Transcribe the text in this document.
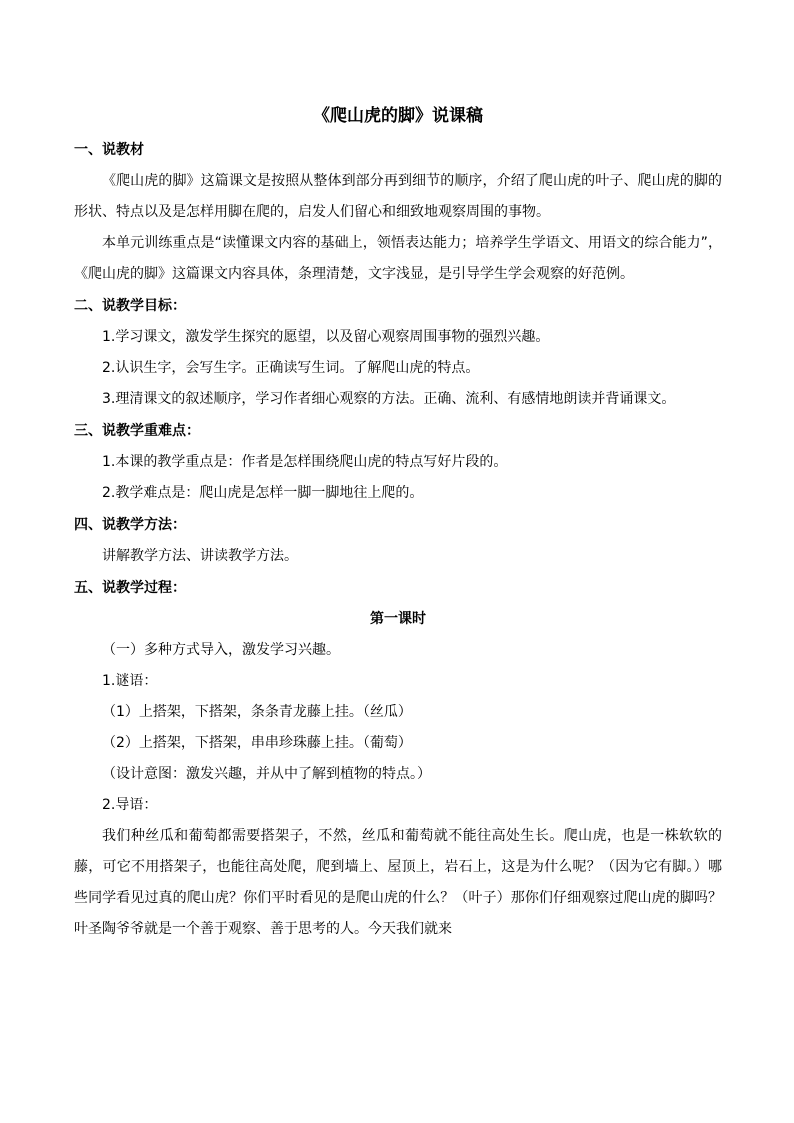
《爬山虎的脚》说课稿

一、说教材

《爬山虎的脚》这篇课文是按照从整体到部分再到细节的顺序，介绍了爬山虎的叶子、爬山虎的脚的形状、特点以及是怎样用脚在爬的，启发人们留心和细致地观察周围的事物。

本单元训练重点是“读懂课文内容的基础上，领悟表达能力；培养学生学语文、用语文的综合能力”，《爬山虎的脚》这篇课文内容具体，条理清楚，文字浅显，是引导学生学会观察的好范例。

二、说教学目标：

1.学习课文，激发学生探究的愿望，以及留心观察周围事物的强烈兴趣。

2.认识生字，会写生字。正确读写生词。了解爬山虎的特点。

3.理清课文的叙述顺序，学习作者细心观察的方法。正确、流利、有感情地朗读并背诵课文。

三、说教学重难点：

1.本课的教学重点是：作者是怎样围绕爬山虎的特点写好片段的。

2.教学难点是：爬山虎是怎样一脚一脚地往上爬的。

四、说教学方法：

讲解教学方法、讲读教学方法。

五、说教学过程：

第一课时

（一）多种方式导入，激发学习兴趣。

1.谜语：

（1）上搭架，下搭架，条条青龙藤上挂。（丝瓜）

（2）上搭架，下搭架，串串珍珠藤上挂。（葡萄）

（设计意图：激发兴趣，并从中了解到植物的特点。）

2.导语：

我们种丝瓜和葡萄都需要搭架子，不然，丝瓜和葡萄就不能往高处生长。爬山虎，也是一株软软的藤，可它不用搭架子，也能往高处爬，爬到墙上、屋顶上，岩石上，这是为什么呢？（因为它有脚。）哪些同学看见过真的爬山虎？你们平时看见的是爬山虎的什么？（叶子）那你们仔细观察过爬山虎的脚吗？叶圣陶爷爷就是一个善于观察、善于思考的人。今天我们就来
